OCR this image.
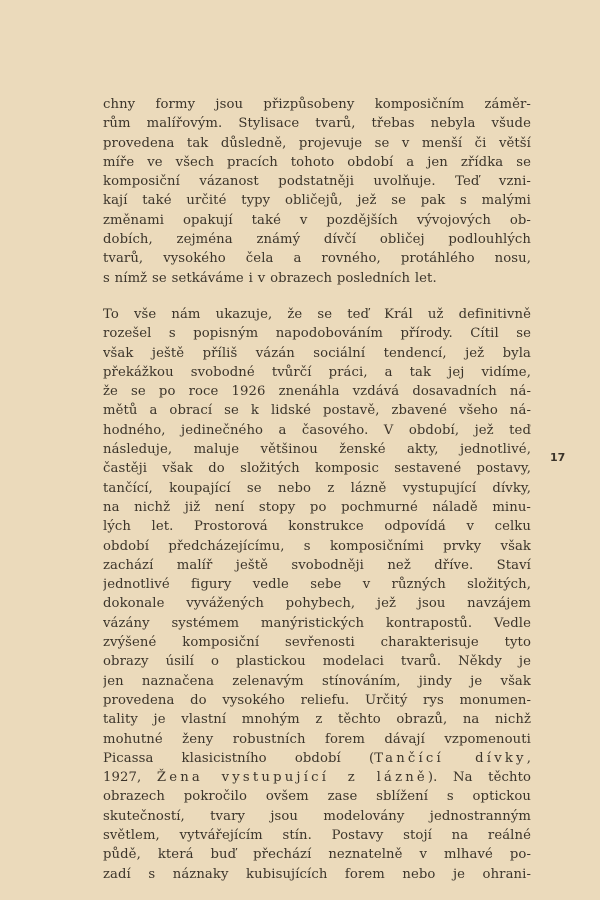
chny formy jsou přizpůsobeny komposičním záměr-
rům malířovým. Stylisace tvarů, třebas nebyla všude
provedena tak důsledně, projevuje se v menší či větší
míře ve všech pracích tohoto období a jen zřídka se
komposiční vázanost podstatněji uvolňuje. Teď vzni-
kají také určité typy obličejů, jež se pak s malými
změnami opakují také v pozdějších vývojových ob-
dobích, zejména známý dívčí obličej podlouhlých
tvarů, vysokého čela a rovného, protáhlého nosu,
s nímž se setkáváme i v obrazech posledních let.

To vše nám ukazuje, že se teď Král už definitivně
rozešel s popisným napodobováním přírody. Cítil se
však ještě příliš vázán sociální tendencí, jež byla
překážkou svobodné tvůrčí práci, a tak jej vidíme,
že se po roce 1926 znenáhla vzdává dosavadních ná-
mětů a obrací se k lidské postavě, zbavené všeho ná-
hodného, jedinečného a časového. V období, jež teď
následuje, maluje většinou ženské akty, jednotlivé,
častěji však do složitých komposic sestavené postavy,
tančící, koupající se nebo z lázně vystupující dívky,
na nichž již není stopy po pochmurné náladě minu-
lých let. Prostorová konstrukce odpovídá v celku
období předcházejícímu, s komposičními prvky však
zachází malíř ještě svobodněji než dříve. Staví
jednotlivé figury vedle sebe v různých složitých,
dokonale vyvážených pohybech, jež jsou navzájem
vázány systémem manýristických kontrapostů. Vedle
zvýšené komposiční sevřenosti charakterisuje tyto
obrazy úsilí o plastickou modelaci tvarů. Někdy je
jen naznačena zelenavým stínováním, jindy je však
provedena do vysokého reliefu. Určitý rys monumen-
tality je vlastní mnohým z těchto obrazů, na nichž
mohutné ženy robustních forem dávají vzpomenouti
Picassa klasicistního období (Tančící dívky,
1927, Žena vystupující z lázně). Na těchto
obrazech pokročilo ovšem zase sblížení s optickou
skutečností, tvary jsou modelovány jednostranným
světlem, vytvářejícím stín. Postavy stojí na reálné
půdě, která buď přechází neznatelně v mlhavé po-
zadí s náznaky kubisujících forem nebo je ohrani-

17
